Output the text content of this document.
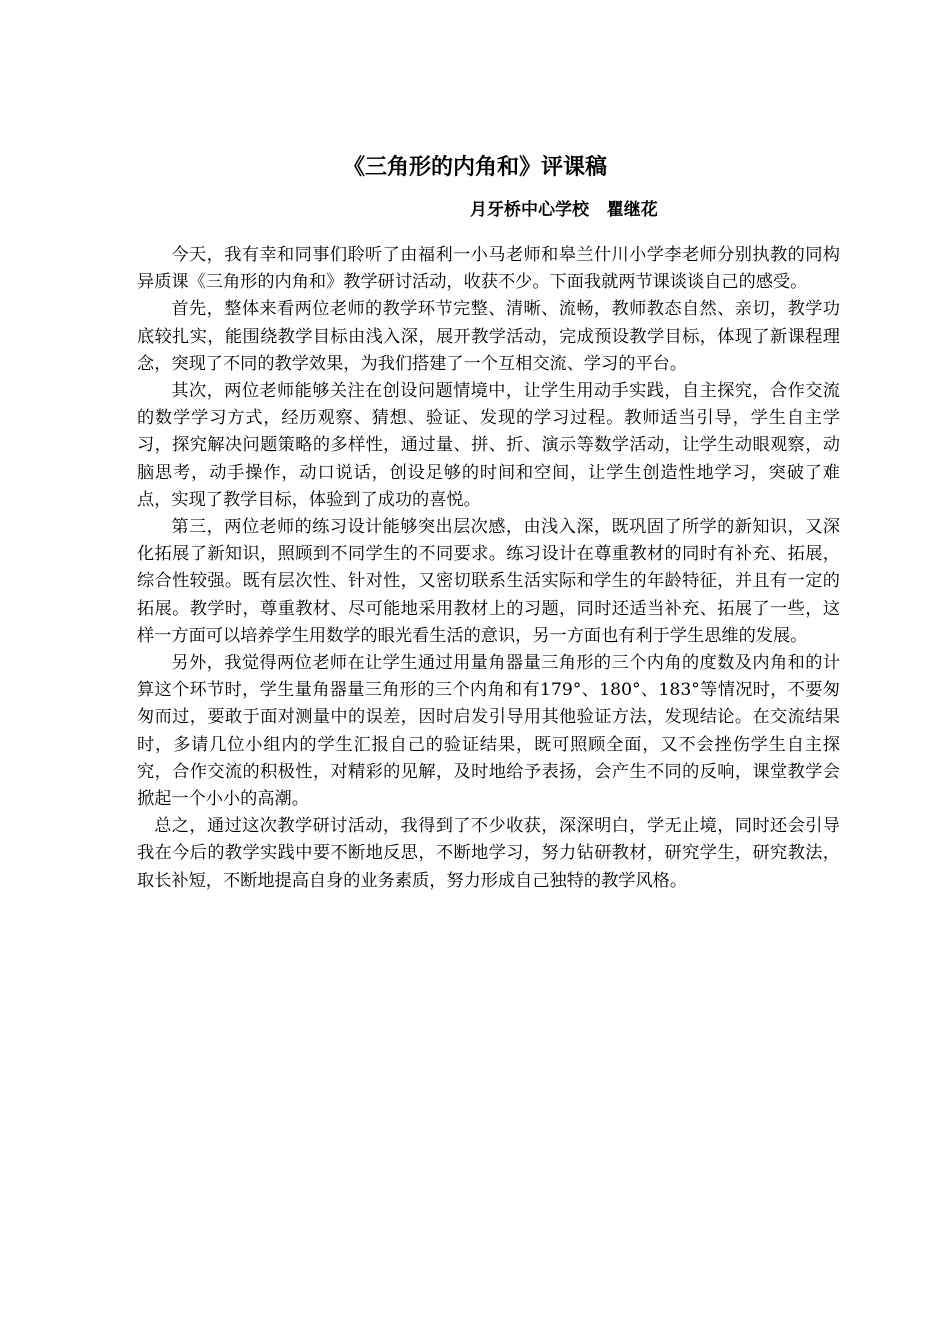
《三角形的内角和》评课稿

月牙桥中心学校   瞿继花

今天，我有幸和同事们聆听了由福利一小马老师和皋兰什川小学李老师分别执教的同构异质课《三角形的内角和》教学研讨活动，收获不少。下面我就两节课谈谈自己的感受。

首先，整体来看两位老师的教学环节完整、清晰、流畅，教师教态自然、亲切，教学功底较扎实，能围绕教学目标由浅入深，展开教学活动，完成预设教学目标，体现了新课程理念，突现了不同的教学效果，为我们搭建了一个互相交流、学习的平台。

其次，两位老师能够关注在创设问题情境中，让学生用动手实践，自主探究，合作交流的数学学习方式，经历观察、猜想、验证、发现的学习过程。教师适当引导，学生自主学习，探究解决问题策略的多样性，通过量、拼、折、演示等数学活动，让学生动眼观察，动脑思考，动手操作，动口说话，创设足够的时间和空间，让学生创造性地学习，突破了难点，实现了教学目标，体验到了成功的喜悦。

第三，两位老师的练习设计能够突出层次感，由浅入深，既巩固了所学的新知识，又深化拓展了新知识，照顾到不同学生的不同要求。练习设计在尊重教材的同时有补充、拓展，综合性较强。既有层次性、针对性，又密切联系生活实际和学生的年龄特征，并且有一定的拓展。教学时，尊重教材、尽可能地采用教材上的习题，同时还适当补充、拓展了一些，这样一方面可以培养学生用数学的眼光看生活的意识，另一方面也有利于学生思维的发展。

另外，我觉得两位老师在让学生通过用量角器量三角形的三个内角的度数及内角和的计算这个环节时，学生量角器量三角形的三个内角和有179°、180°、183°等情况时，不要匆匆而过，要敢于面对测量中的误差，因时启发引导用其他验证方法，发现结论。在交流结果时，多请几位小组内的学生汇报自己的验证结果，既可照顾全面，又不会挫伤学生自主探究，合作交流的积极性，对精彩的见解，及时地给予表扬，会产生不同的反响，课堂教学会掀起一个小小的高潮。

总之，通过这次教学研讨活动，我得到了不少收获，深深明白，学无止境，同时还会引导我在今后的教学实践中要不断地反思，不断地学习，努力钻研教材，研究学生，研究教法，取长补短，不断地提高自身的业务素质，努力形成自己独特的教学风格。
